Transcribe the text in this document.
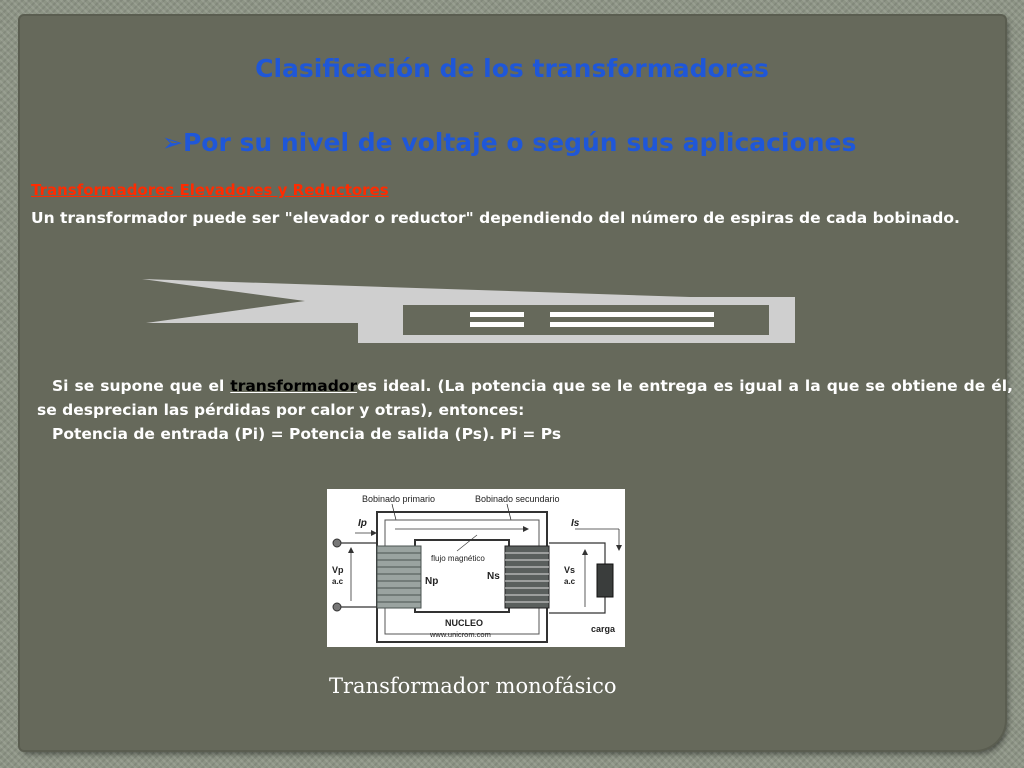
Clasificación de los transformadores
➢Por su nivel de voltaje o según sus aplicaciones

Transformadores Elevadores y Reductores

Un transformador puede ser "elevador o reductor" dependiendo del número de espiras de cada bobinado.

Si se supone que el transformadores ideal. (La potencia que se le entrega es igual a la que se obtiene de él, se desprecian las pérdidas por calor y otras), entonces:

Potencia de entrada (Pi) = Potencia de salida (Ps). Pi = Ps

Bobinado primario	Bobinado secundario
flujo magnético
Np	Ns
Ip
Vp
a.c
Is
Vs
a.c
carga
NUCLEO
www.unicrom.com

Transformador monofásico
